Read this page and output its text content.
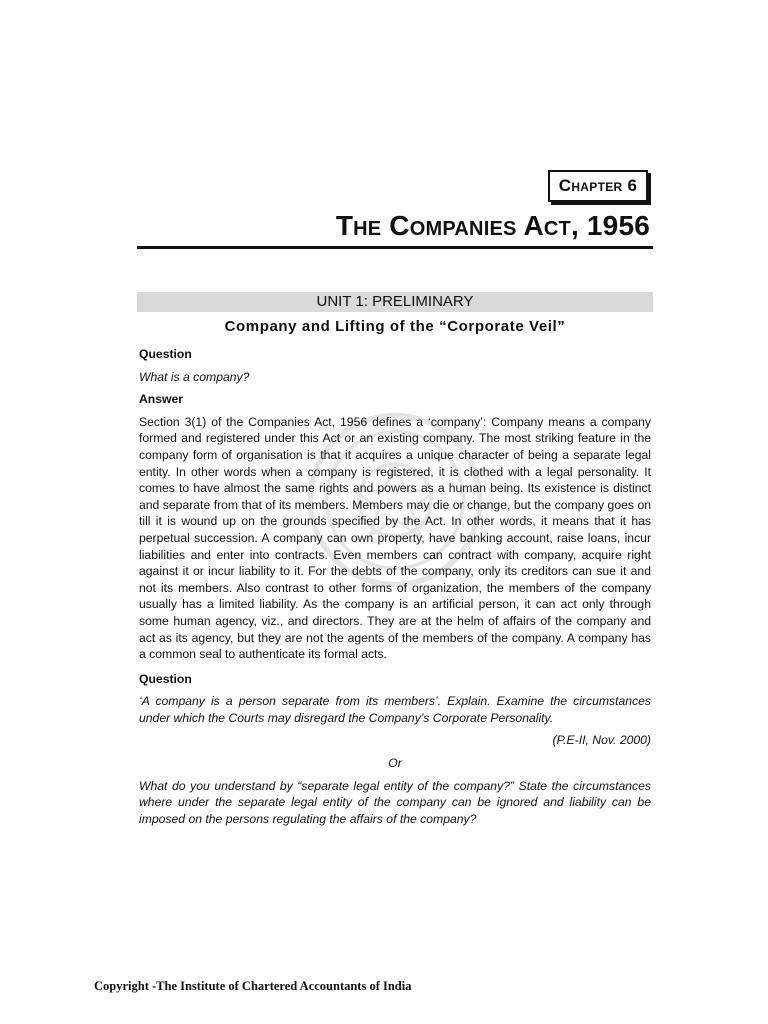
Chapter 6
The Companies Act, 1956
UNIT 1: PRELIMINARY
Company and Lifting of the “Corporate Veil”

Question

What is a company?

Answer

Section 3(1) of the Companies Act, 1956 defines a ‘company’: Company means a company formed and registered under this Act or an existing company. The most striking feature in the company form of organisation is that it acquires a unique character of being a separate legal entity. In other words when a company is registered, it is clothed with a legal personality. It comes to have almost the same rights and powers as a human being. Its existence is distinct and separate from that of its members. Members may die or change, but the company goes on till it is wound up on the grounds specified by the Act. In other words, it means that it has perpetual succession. A company can own property, have banking account, raise loans, incur liabilities and enter into contracts. Even members can contract with company, acquire right against it or incur liability to it. For the debts of the company, only its creditors can sue it and not its members. Also contrast to other forms of organization, the members of the company usually has a limited liability. As the company is an artificial person, it can act only through some human agency, viz., and directors. They are at the helm of affairs of the company and act as its agency, but they are not the agents of the members of the company. A company has a common seal to authenticate its formal acts.

Question

‘A company is a person separate from its members’. Explain. Examine the circumstances under which the Courts may disregard the Company’s Corporate Personality.

(P.E-II, Nov. 2000)

Or

What do you understand by “separate legal entity of the company?” State the circumstances where under the separate legal entity of the company can be ignored and liability can be imposed on the persons regulating the affairs of the company?

Copyright -The Institute of Chartered Accountants of India
